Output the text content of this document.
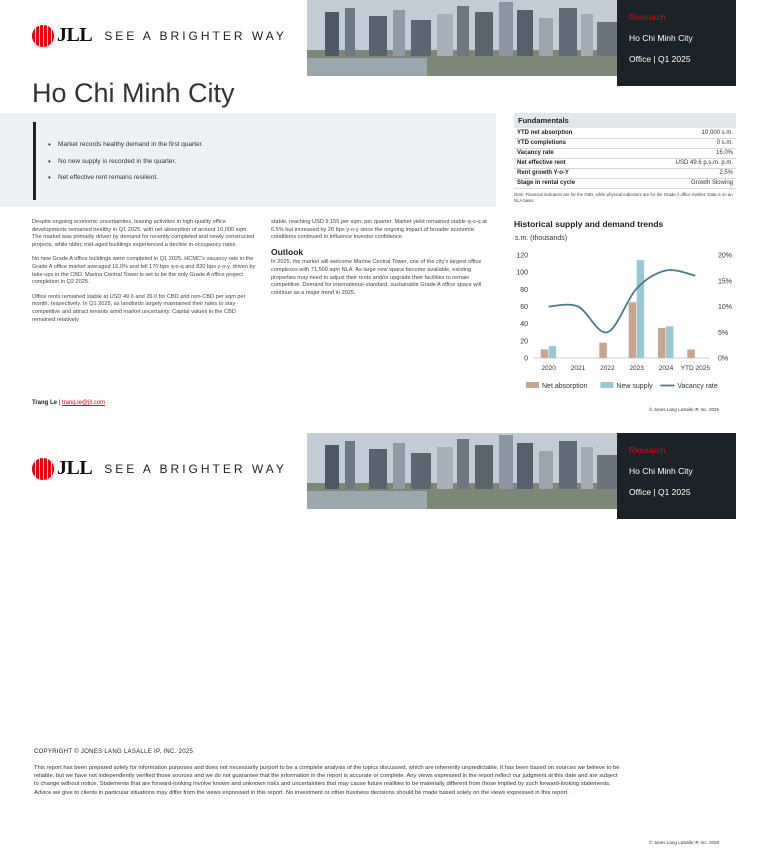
JLL SEE A BRIGHTER WAY
Research
Ho Chi Minh City
Office | Q1 2025
Ho Chi Minh City
• Market records healthy demand in the first quarter.
• No new supply is recorded in the quarter.
• Net effective rent remains resilient.
Fundamentals
YTD net absorption	10,000 s.m.
YTD completions	0 s.m.
Vacancy rate	16.0%
Net effective rent	USD 49.6 p.s.m. p.m.
Rent growth Y-o-Y	2.5%
Stage in rental cycle	Growth Slowing
Note: Financial indicators are for the CBD, while physical indicators are for the Grade A office market. Data is on an NLA basis.

Despite ongoing economic uncertainties, leasing activities in high-quality office developments remained healthy in Q1 2025, with net absorption of around 10,000 sqm. The market was primarily driven by demand for recently completed and newly constructed projects, while older, mid-aged buildings experienced a decline in occupancy rates.

No new Grade A office buildings were completed in Q1 2025. HCMC's vacancy rate in the Grade A office market averaged 16.0% and fell 170 bps q-o-q and 820 bps y-o-y, driven by take-ups in the CBD. Marina Central Tower is set to be the only Grade A office project completion in Q2 2025.

Office rents remained stable at USD 49.6 and 26.0 for CBD and non-CBD per sqm per month, respectively. In Q1 2025, as landlords largely maintained their rates to stay competitive and attract tenants amid market uncertainty. Capital values in the CBD remained relatively

stable, reaching USD 9,155 per sqm, per quarter. Market yield remained stable q-o-q at 6.5% but increased by 20 bps y-o-y since the ongoing impact of broader economic conditions continued to influence investor confidence.

Outlook

In 2025, the market will welcome Marina Central Tower, one of the city's largest office complexes with 71,500 sqm NLA. As large new space become available, existing properties may need to adjust their rents and/or upgrade their facilities to remain competitive. Demand for international-standard, sustainable Grade A office space will continue as a major trend in 2025.

Trang Le | trang.le@jll.com
Historical supply and demand trends
s.m. (thousands)
0
20
40
60
80
100
120
0%
5%
10%
15%
20%
2020 2021 2022 2023 2024 YTD 2025
Net absorption	New supply	Vacancy rate
© Jones Lang LaSalle IP, Inc. 2025
JLL SEE A BRIGHTER WAY
Research
Ho Chi Minh City
Office | Q1 2025
COPYRIGHT © JONES LANG LASALLE IP, INC. 2025
This report has been prepared solely for information purposes and does not necessarily purport to be a complete analysis of the topics discussed, which are inherently unpredictable. It has been based on sources we believe to be reliable, but we have not independently verified those sources and we do not guarantee that the information in the report is accurate or complete. Any views expressed in the report reflect our judgment at this date and are subject to change without notice. Statements that are forward-looking involve known and unknown risks and uncertainties that may cause future realities to be materially different from those implied by such forward-looking statements. Advice we give to clients in particular situations may differ from the views expressed in this report. No investment or other business decisions should be made based solely on the views expressed in this report.
© Jones Lang LaSalle IP, Inc. 2025
